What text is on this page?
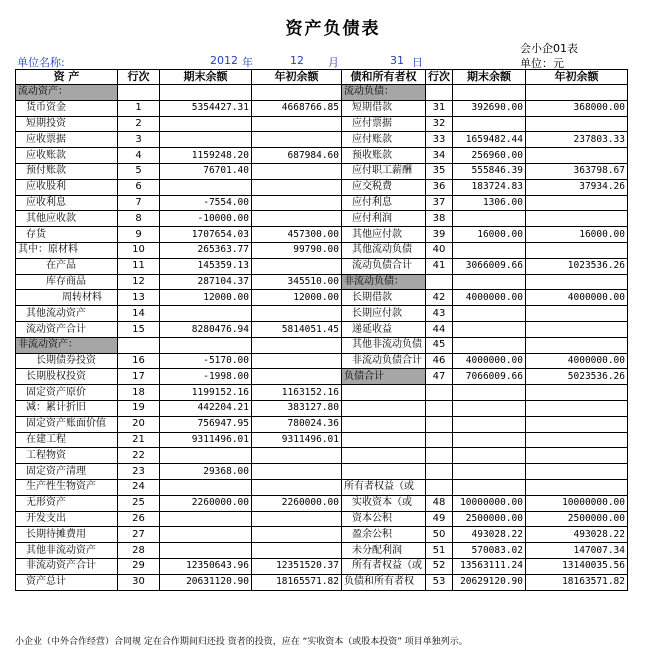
资产负债表
会小企01表
单位名称:	2012 年	12 月	31 日	单位：元
资 产	行次	期末余额	年初余额	债和所有者权	行次	期末余额	年初余额
流动资产：				流动负债：			
货币资金	1	5354427.31	4668766.85	短期借款	31	392690.00	368000.00
短期投资	2			应付票据	32		
应收票据	3			应付账款	33	1659482.44	237803.33
应收账款	4	1159248.20	687984.60	预收账款	34	256960.00	
预付账款	5	76701.40		应付职工薪酬	35	555846.39	363798.67
应收股利	6			应交税费	36	183724.83	37934.26
应收利息	7	-7554.00		应付利息	37	1306.00	
其他应收款	8	-10000.00		应付利润	38		
存货	9	1707654.03	457300.00	其他应付款	39	16000.00	16000.00
其中：原材料	10	265363.77	99790.00	其他流动负债	40		
在产品	11	145359.13		流动负债合计	41	3066009.66	1023536.26
库存商品	12	287104.37	345510.00	非流动负债：			
周转材料	13	12000.00	12000.00	长期借款	42	4000000.00	4000000.00
其他流动资产	14			长期应付款	43		
流动资产合计	15	8280476.94	5814051.45	递延收益	44		
非流动资产：				其他非流动负债	45		
长期债券投资	16	-5170.00		非流动负债合计	46	4000000.00	4000000.00
长期股权投资	17	-1998.00		负债合计	47	7066009.66	5023536.26
固定资产原价	18	1199152.16	1163152.16				
减：累计折旧	19	442204.21	383127.80				
固定资产账面价值	20	756947.95	780024.36				
在建工程	21	9311496.01	9311496.01				
工程物资	22						
固定资产清理	23	29368.00					
生产性生物资产	24			所有者权益（或			
无形资产	25	2260000.00	2260000.00	实收资本（或	48	10000000.00	10000000.00
开发支出	26			资本公积	49	2500000.00	2500000.00
长期待摊费用	27			盈余公积	50	493028.22	493028.22
其他非流动资产	28			未分配利润	51	570083.02	147007.34
非流动资产合计	29	12350643.96	12351520.37	所有者权益（或	52	13563111.24	13140035.56
资产总计	30	20631120.90	18165571.82	负债和所有者权	53	20629120.90	18163571.82
小企业（中外合作经营）合同规 定在合作期间归还投 资者的投资，应在 “实收资本（或股本投资” 项目单独列示。
